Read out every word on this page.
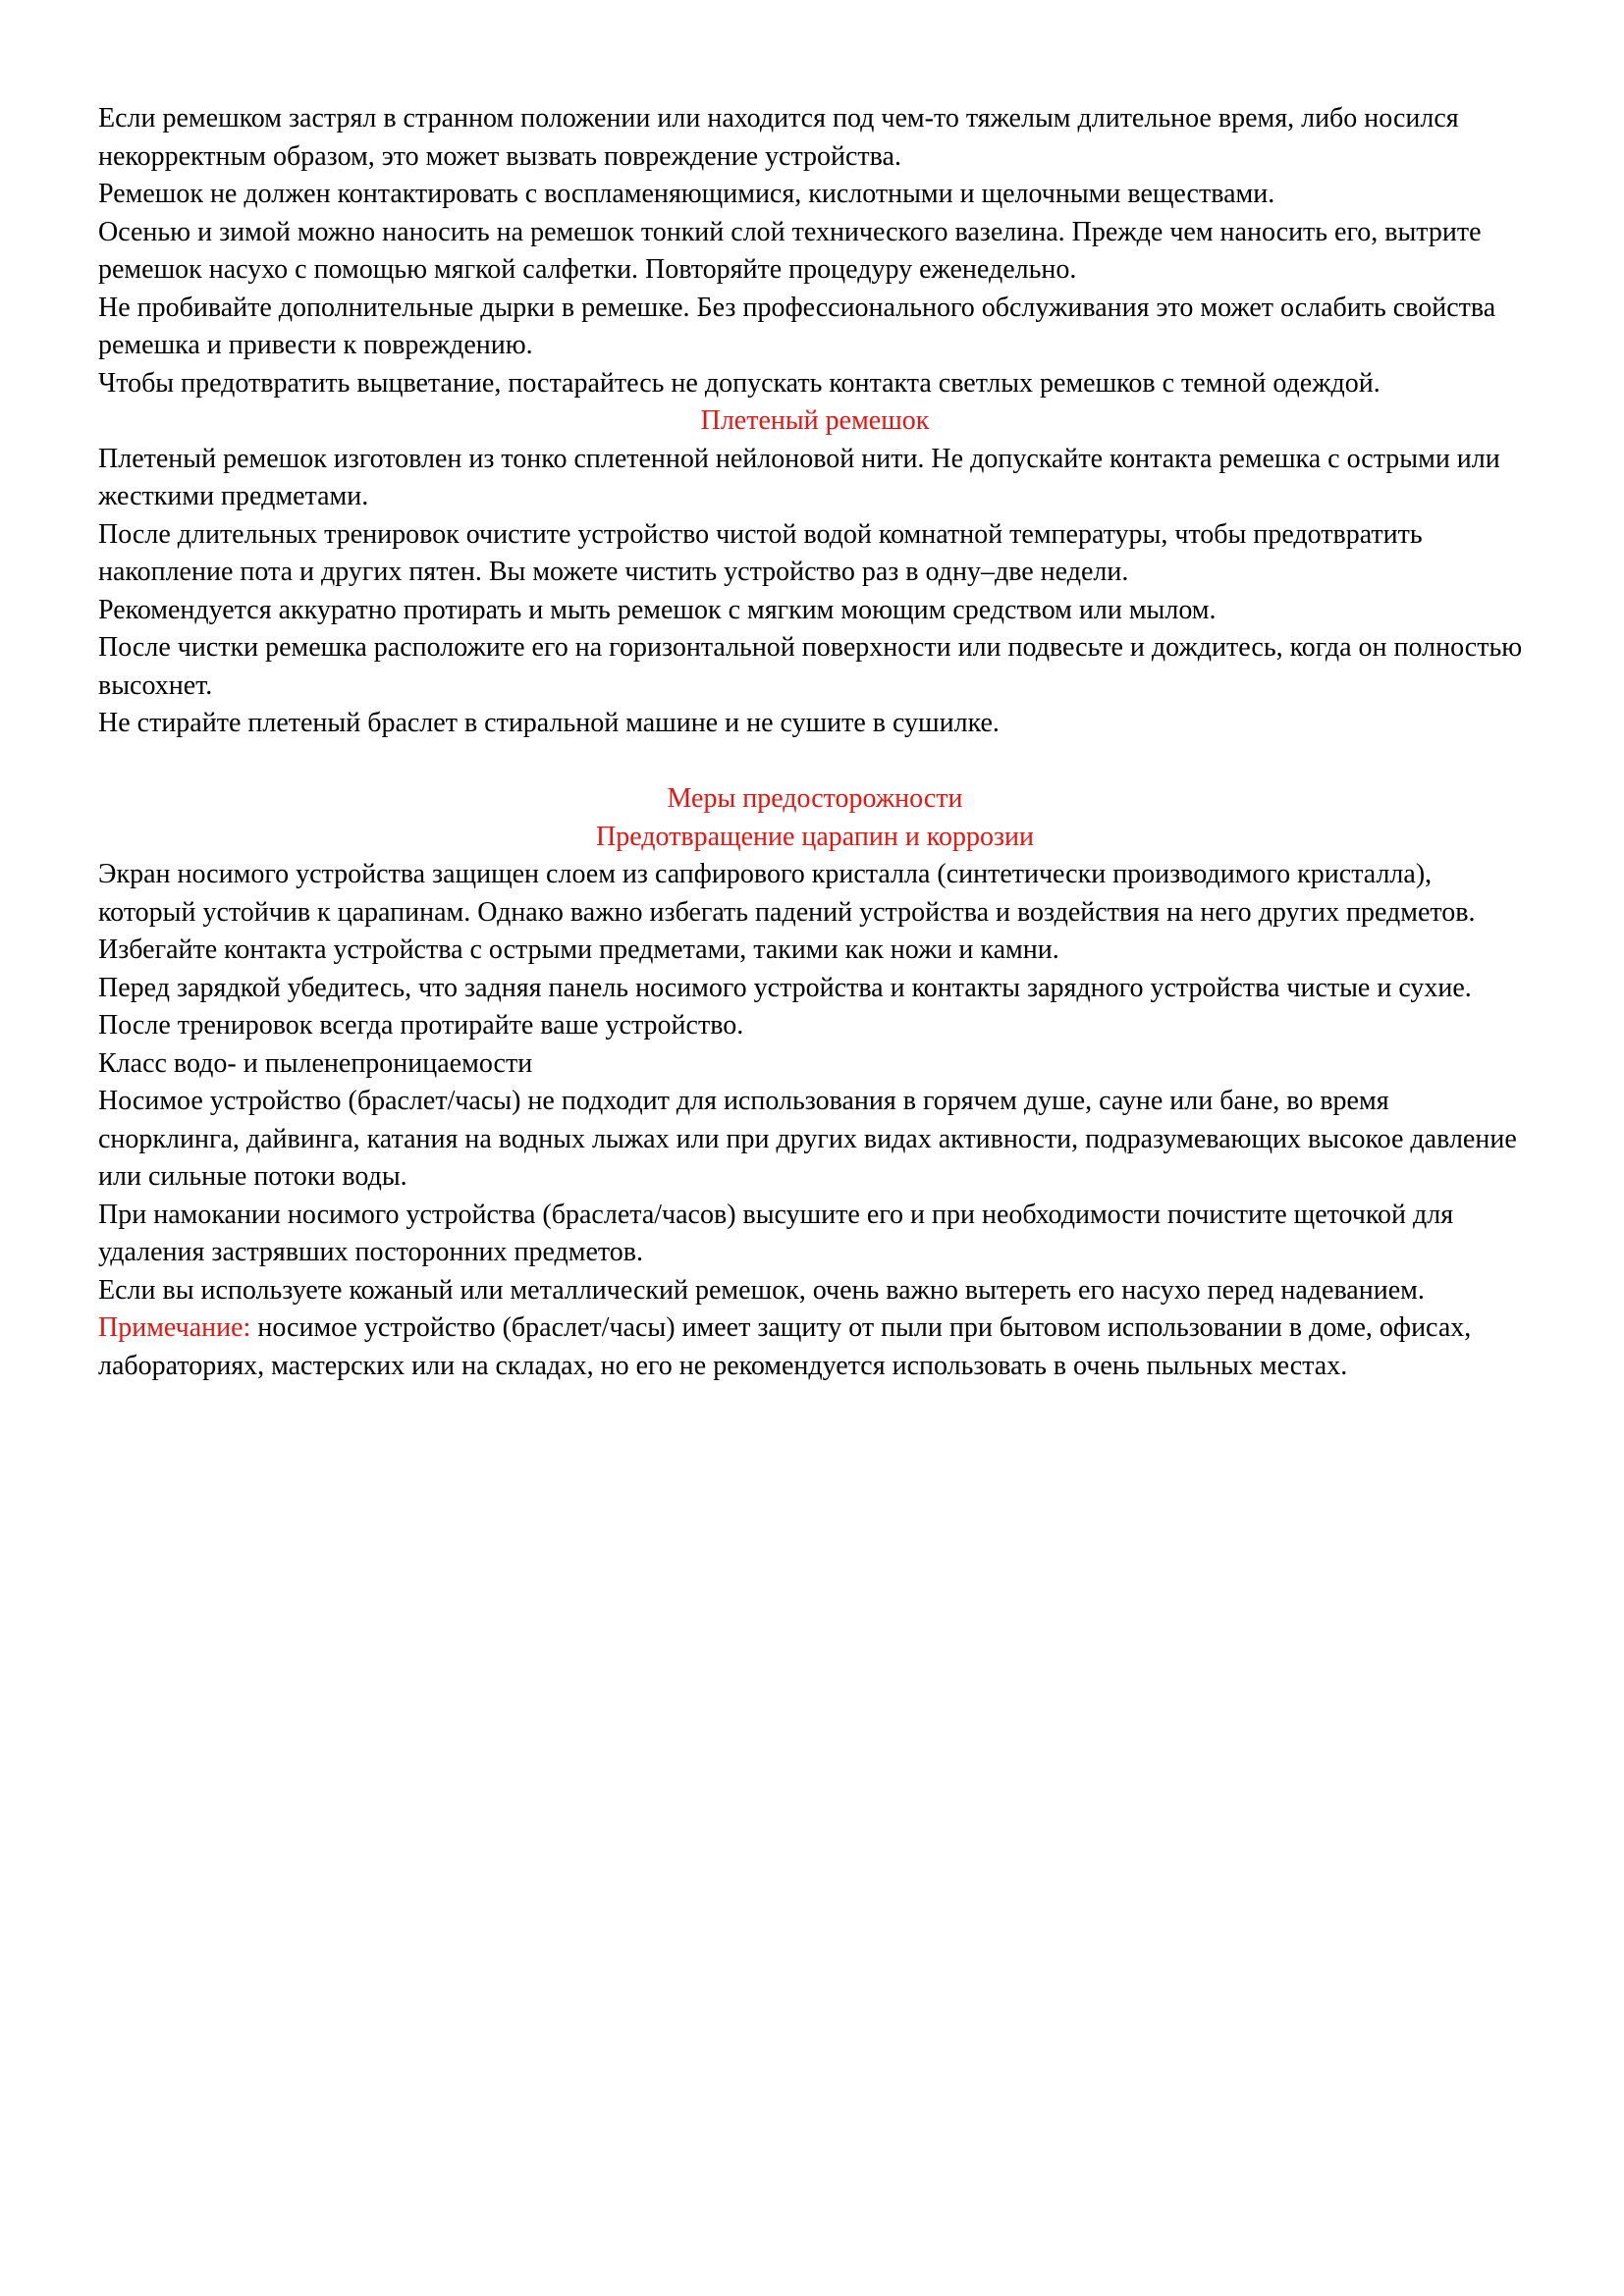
Если ремешком застрял в странном положении или находится под чем-то тяжелым длительное время, либо носился некорректным образом, это может вызвать повреждение устройства.

Ремешок не должен контактировать с воспламеняющимися, кислотными и щелочными веществами.

Осенью и зимой можно наносить на ремешок тонкий слой технического вазелина. Прежде чем наносить его, вытрите ремешок насухо с помощью мягкой салфетки. Повторяйте процедуру еженедельно.

Не пробивайте дополнительные дырки в ремешке. Без профессионального обслуживания это может ослабить свойства ремешка и привести к повреждению.

Чтобы предотвратить выцветание, постарайтесь не допускать контакта светлых ремешков с темной одеждой.

Плетеный ремешок

Плетеный ремешок изготовлен из тонко сплетенной нейлоновой нити. Не допускайте контакта ремешка с острыми или жесткими предметами.

После длительных тренировок очистите устройство чистой водой комнатной температуры, чтобы предотвратить накопление пота и других пятен. Вы можете чистить устройство раз в одну–две недели.

Рекомендуется аккуратно протирать и мыть ремешок с мягким моющим средством или мылом.

После чистки ремешка расположите его на горизонтальной поверхности или подвесьте и дождитесь, когда он полностью высохнет.

Не стирайте плетеный браслет в стиральной машине и не сушите в сушилке.

Меры предосторожности

Предотвращение царапин и коррозии

Экран носимого устройства защищен слоем из сапфирового кристалла (синтетически производимого кристалла), который устойчив к царапинам. Однако важно избегать падений устройства и воздействия на него других предметов. Избегайте контакта устройства с острыми предметами, такими как ножи и камни.

Перед зарядкой убедитесь, что задняя панель носимого устройства и контакты зарядного устройства чистые и сухие. После тренировок всегда протирайте ваше устройство.

Класс водо- и пыленепроницаемости

Носимое устройство (браслет/часы) не подходит для использования в горячем душе, сауне или бане, во время снорклинга, дайвинга, катания на водных лыжах или при других видах активности, подразумевающих высокое давление или сильные потоки воды.

При намокании носимого устройства (браслета/часов) высушите его и при необходимости почистите щеточкой для удаления застрявших посторонних предметов.

Если вы используете кожаный или металлический ремешок, очень важно вытереть его насухо перед надеванием.

Примечание: носимое устройство (браслет/часы) имеет защиту от пыли при бытовом использовании в доме, офисах, лабораториях, мастерских или на складах, но его не рекомендуется использовать в очень пыльных местах.
